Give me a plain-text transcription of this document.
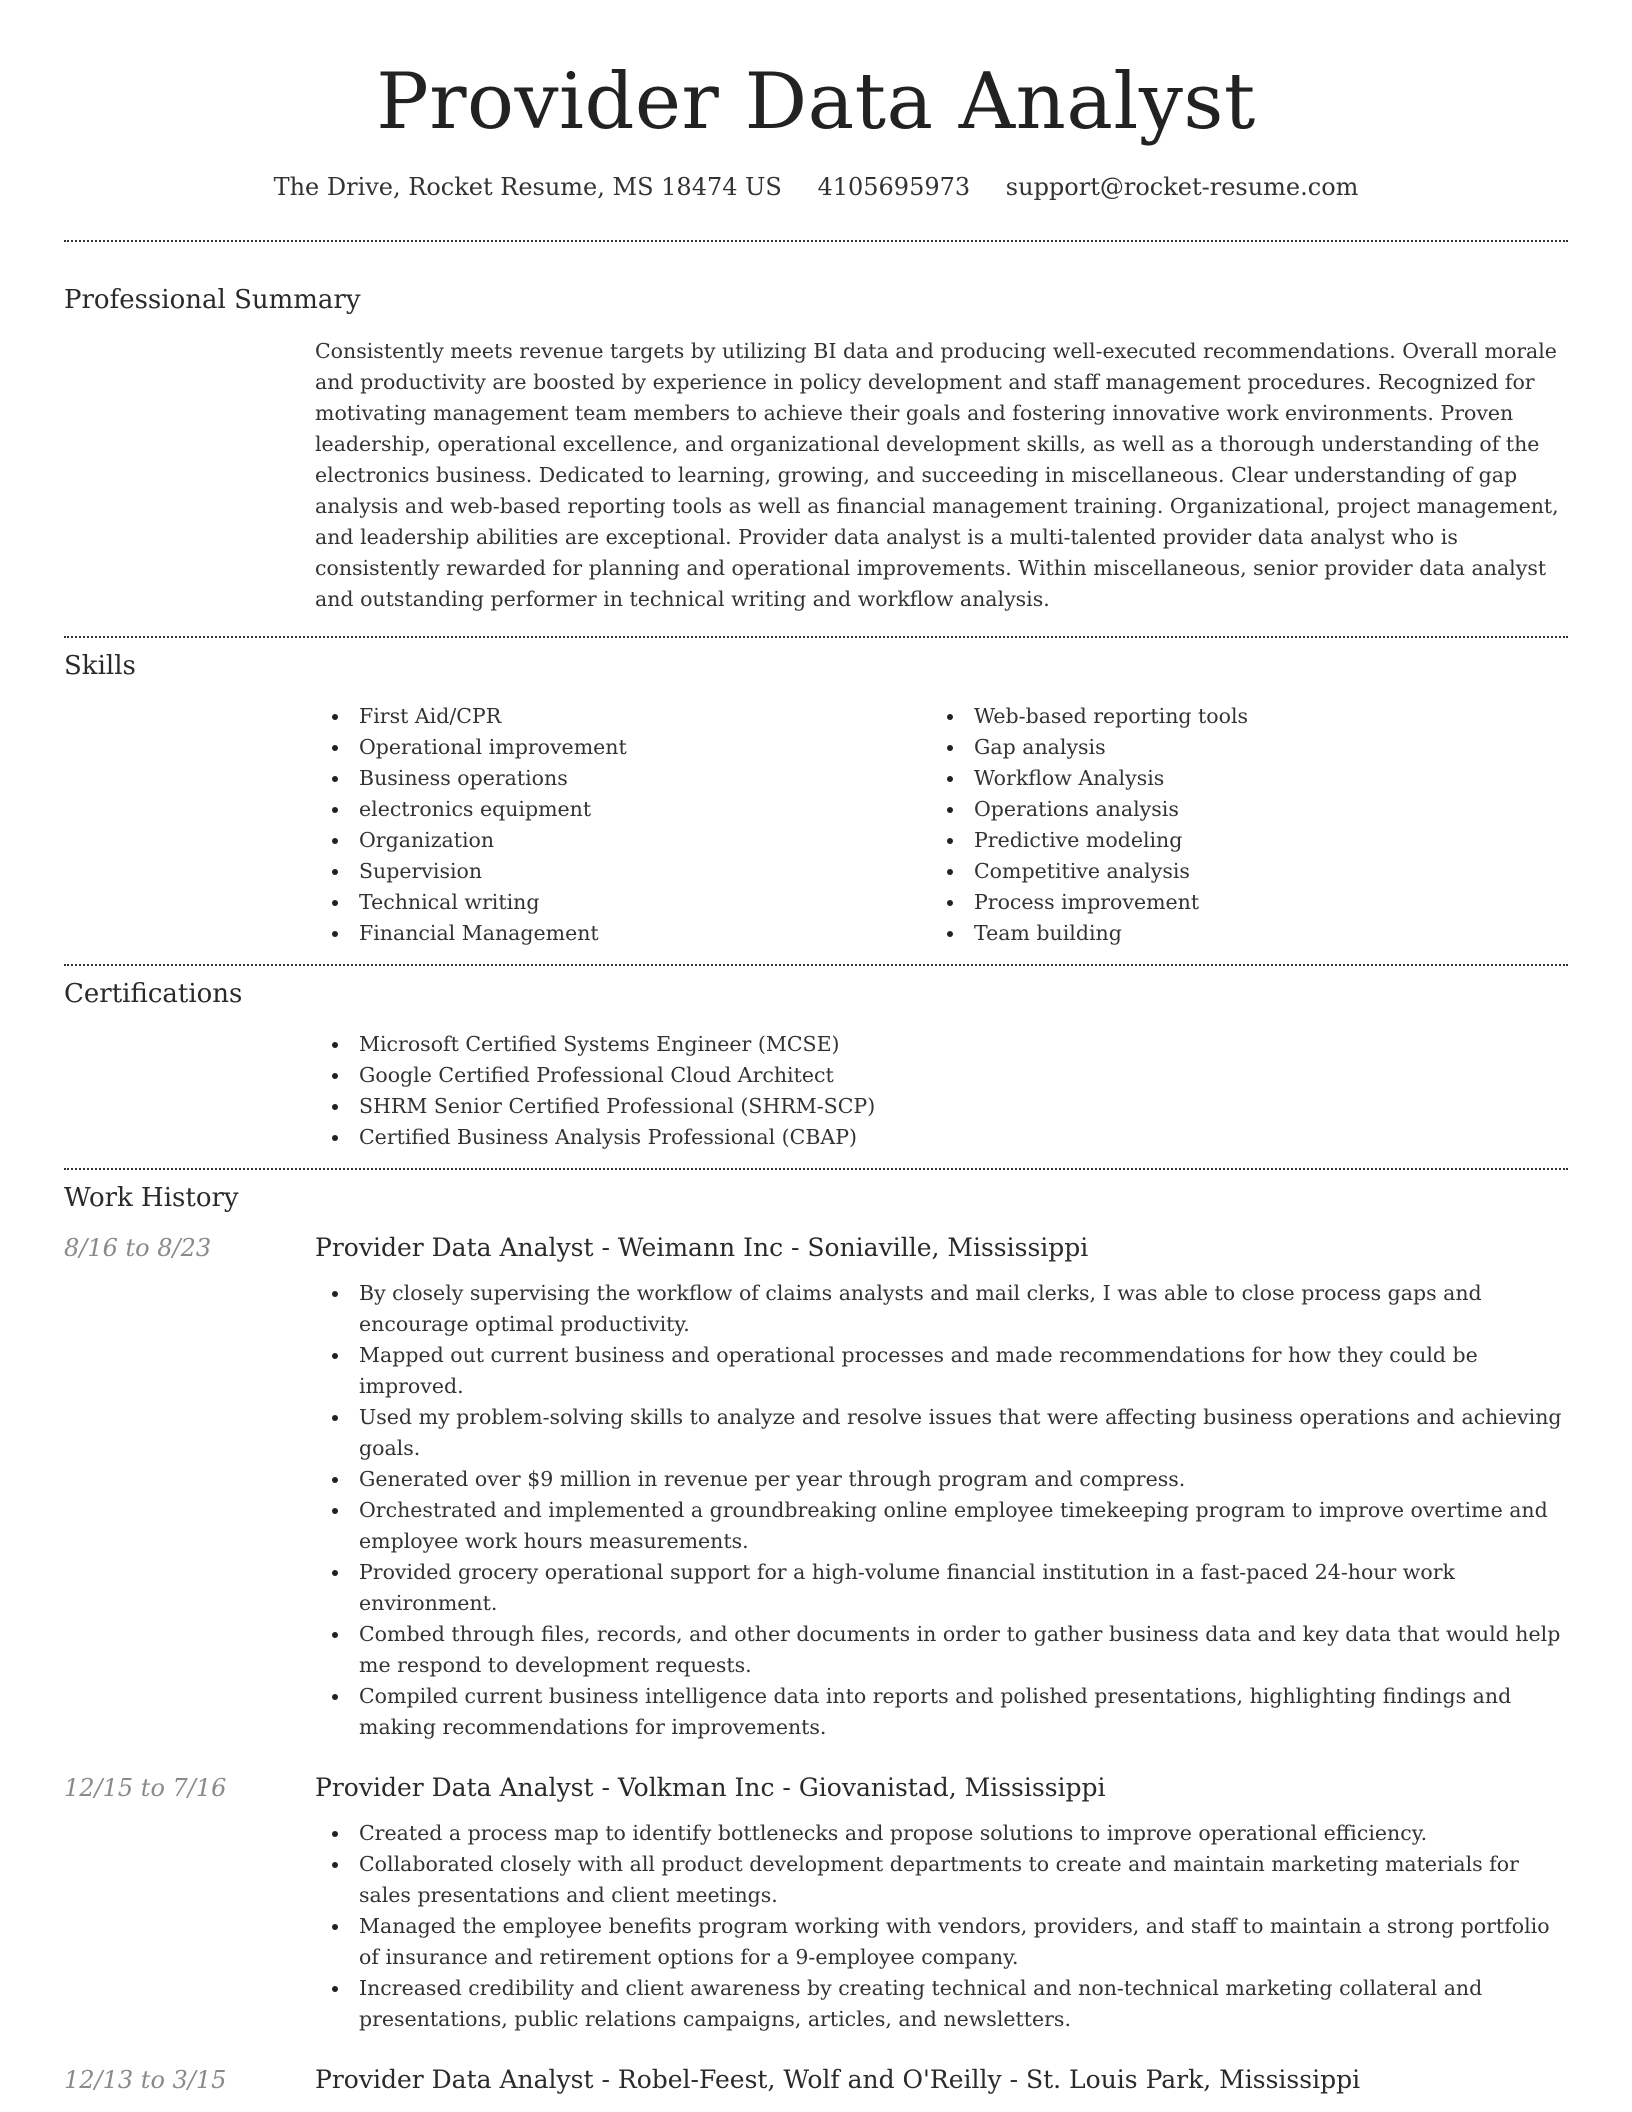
Provider Data Analyst
The Drive, Rocket Resume, MS 18474 US 4105695973 support@rocket-resume.com
Professional Summary

Consistently meets revenue targets by utilizing BI data and producing well-executed recommendations. Overall morale and productivity are boosted by experience in policy development and staff management procedures. Recognized for motivating management team members to achieve their goals and fostering innovative work environments. Proven leadership, operational excellence, and organizational development skills, as well as a thorough understanding of the electronics business. Dedicated to learning, growing, and succeeding in miscellaneous. Clear understanding of gap analysis and web-based reporting tools as well as financial management training. Organizational, project management, and leadership abilities are exceptional. Provider data analyst is a multi-talented provider data analyst who is consistently rewarded for planning and operational improvements. Within miscellaneous, senior provider data analyst and outstanding performer in technical writing and workflow analysis.

Skills
First Aid/CPR
Operational improvement
Business operations
electronics equipment
Organization
Supervision
Technical writing
Financial Management
Web-based reporting tools
Gap analysis
Workflow Analysis
Operations analysis
Predictive modeling
Competitive analysis
Process improvement
Team building
Certifications
Microsoft Certified Systems Engineer (MCSE)
Google Certified Professional Cloud Architect
SHRM Senior Certified Professional (SHRM-SCP)
Certified Business Analysis Professional (CBAP)
Work History
8/16 to 8/23	Provider Data Analyst - Weimann Inc - Soniaville, Mississippi
By closely supervising the workflow of claims analysts and mail clerks, I was able to close process gaps and encourage optimal productivity.
Mapped out current business and operational processes and made recommendations for how they could be improved.
Used my problem-solving skills to analyze and resolve issues that were affecting business operations and achieving goals.
Generated over $9 million in revenue per year through program and compress.
Orchestrated and implemented a groundbreaking online employee timekeeping program to improve overtime and employee work hours measurements.
Provided grocery operational support for a high-volume financial institution in a fast-paced 24-hour work environment.
Combed through files, records, and other documents in order to gather business data and key data that would help me respond to development requests.
Compiled current business intelligence data into reports and polished presentations, highlighting findings and making recommendations for improvements.
12/15 to 7/16	Provider Data Analyst - Volkman Inc - Giovanistad, Mississippi
Created a process map to identify bottlenecks and propose solutions to improve operational efficiency.
Collaborated closely with all product development departments to create and maintain marketing materials for sales presentations and client meetings.
Managed the employee benefits program working with vendors, providers, and staff to maintain a strong portfolio of insurance and retirement options for a 9-employee company.
Increased credibility and client awareness by creating technical and non-technical marketing collateral and presentations, public relations campaigns, articles, and newsletters.
12/13 to 3/15	Provider Data Analyst - Robel-Feest, Wolf and O'Reilly - St. Louis Park, Mississippi
